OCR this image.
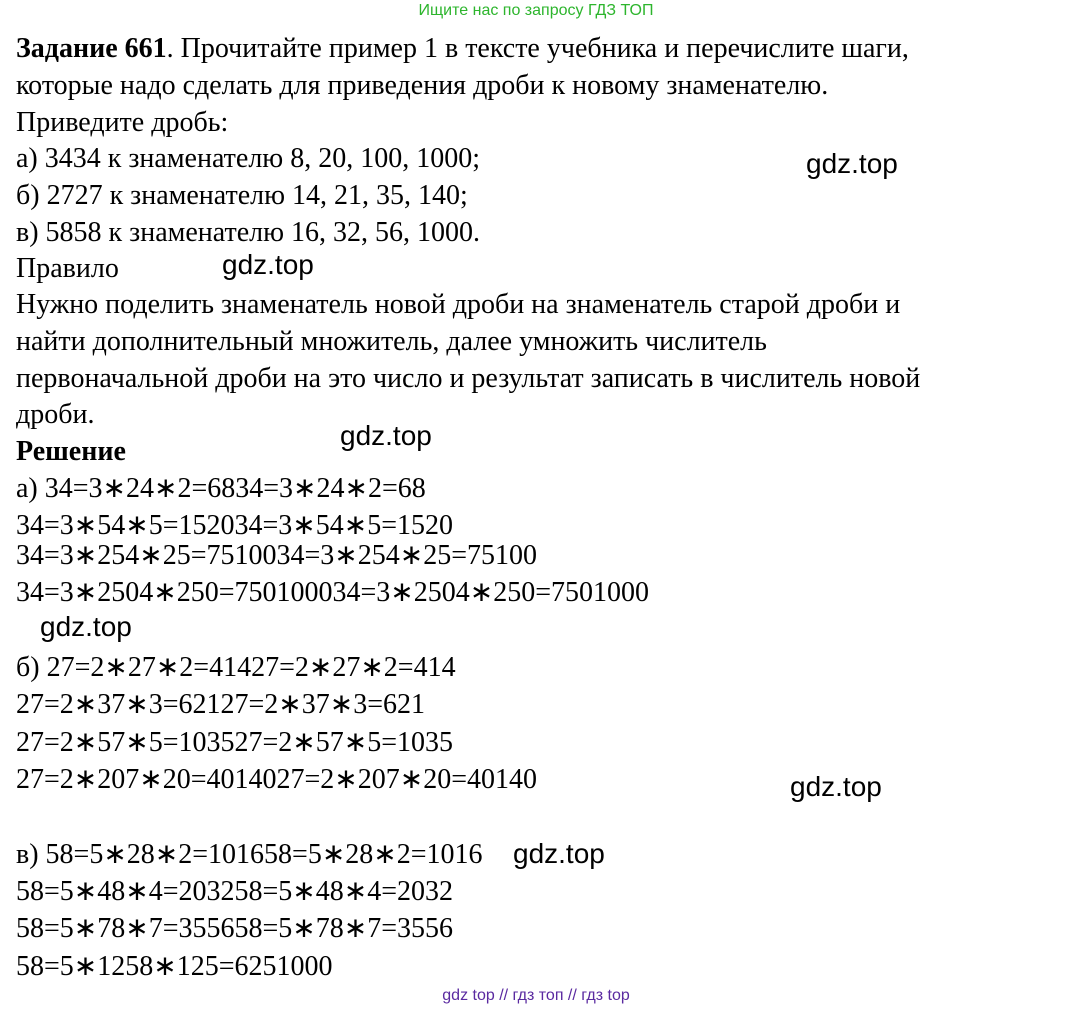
Ищите нас по запросу ГДЗ ТОП
Задание 661. Прочитайте пример 1 в тексте учебника и перечислите шаги,
которые надо сделать для приведения дроби к новому знаменателю.
Приведите дробь:
а) 3434 к знаменателю 8, 20, 100, 1000;
б) 2727 к знаменателю 14, 21, 35, 140;
в) 5858 к знаменателю 16, 32, 56, 1000.
gdz.top
Правило	gdz.top
Нужно поделить знаменатель новой дроби на знаменатель старой дроби и
найти дополнительный множитель, далее умножить числитель
первоначальной дроби на это число и результат записать в числитель новой
дроби.
gdz.top
Решение
а) 34=3∗24∗2=6834=3∗24∗2=68
34=3∗54∗5=152034=3∗54∗5=1520
34=3∗254∗25=7510034=3∗254∗25=75100
34=3∗2504∗250=750100034=3∗2504∗250=7501000
gdz.top
б) 27=2∗27∗2=41427=2∗27∗2=414
27=2∗37∗3=62127=2∗37∗3=621
27=2∗57∗5=103527=2∗57∗5=1035
27=2∗207∗20=4014027=2∗207∗20=40140	gdz.top
в) 58=5∗28∗2=101658=5∗28∗2=1016 gdz.top
58=5∗48∗4=203258=5∗48∗4=2032
58=5∗78∗7=355658=5∗78∗7=3556
58=5∗1258∗125=6251000
gdz top // гдз топ // гдз top
